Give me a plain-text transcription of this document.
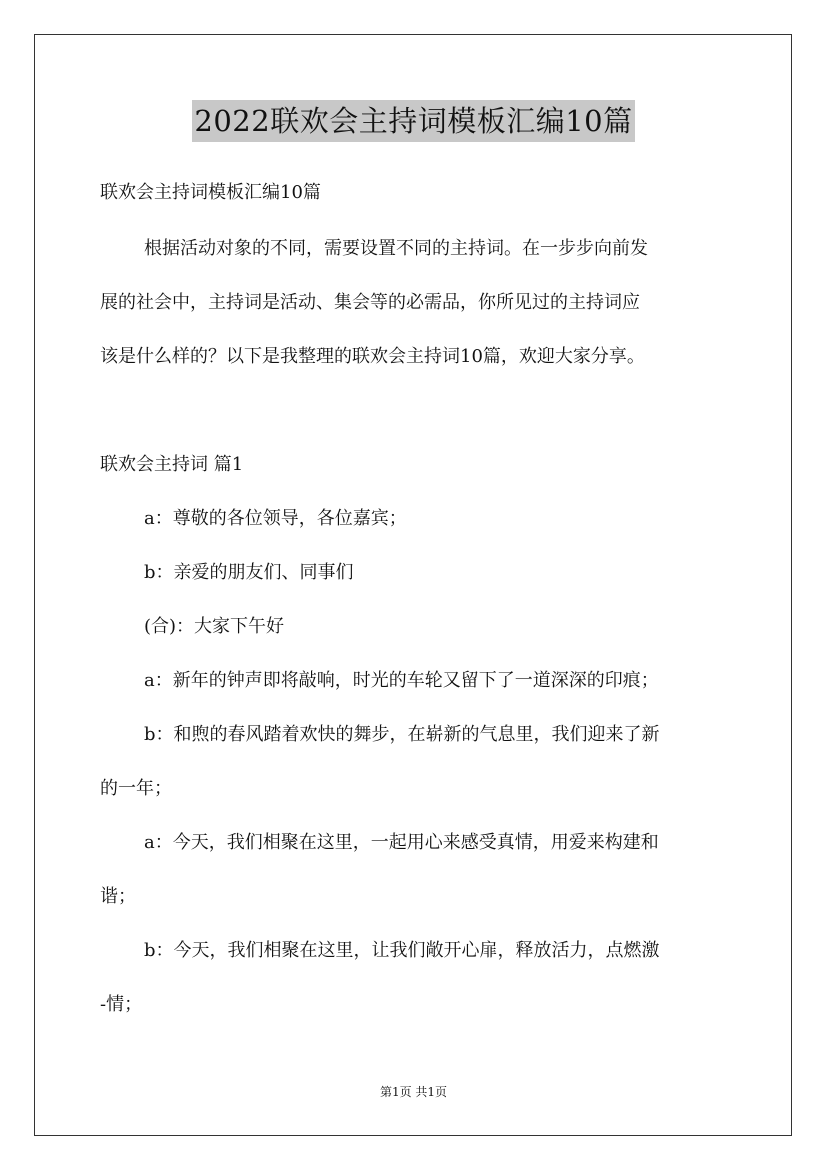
2022联欢会主持词模板汇编10篇
联欢会主持词模板汇编10篇
根据活动对象的不同，需要设置不同的主持词。在一步步向前发
展的社会中，主持词是活动、集会等的必需品，你所见过的主持词应
该是什么样的？以下是我整理的联欢会主持词10篇，欢迎大家分享。
联欢会主持词 篇1
a：尊敬的各位领导，各位嘉宾；
b：亲爱的朋友们、同事们
(合)：大家下午好
a：新年的钟声即将敲响，时光的车轮又留下了一道深深的印痕；
b：和煦的春风踏着欢快的舞步，在崭新的气息里，我们迎来了新
的一年；
a：今天，我们相聚在这里，一起用心来感受真情，用爱来构建和
谐；
b：今天，我们相聚在这里，让我们敞开心扉，释放活力，点燃激
-情；
第1页 共1页
